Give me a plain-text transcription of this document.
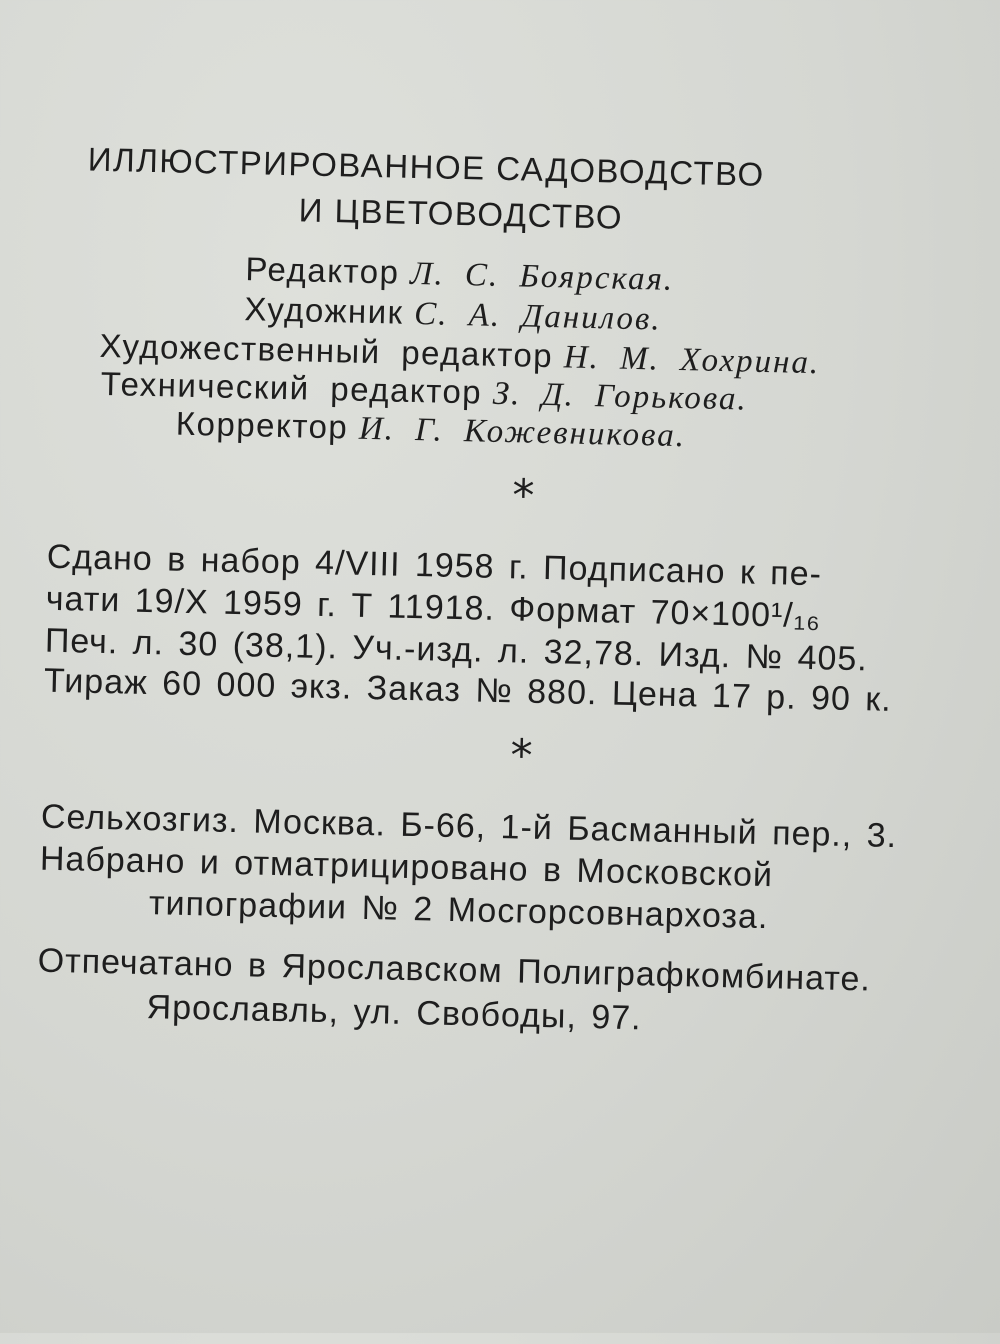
ИЛЛЮСТРИРОВАННОЕ САДОВОДСТВО
И ЦВЕТОВОДСТВО
Редактор Л. С. Боярская.
Художник С. А. Данилов.
Художественный редактор Н. М. Хохрина.
Технический редактор З. Д. Горькова.
Корректор И. Г. Кожевникова.
*
Сдано в набор 4/VIII 1958 г. Подписано к пе-
чати 19/X 1959 г. Т 11918. Формат 70×100¹/₁₆
Печ. л. 30 (38,1). Уч.-изд. л. 32,78. Изд. № 405.
Тираж 60 000 экз. Заказ № 880. Цена 17 р. 90 к.
*
Сельхозгиз. Москва. Б-66, 1-й Басманный пер., 3.
Набрано и отматрицировано в Московской
типографии № 2 Мосгорсовнархоза.
Отпечатано в Ярославском Полиграфкомбинате.
Ярославль, ул. Свободы, 97.
